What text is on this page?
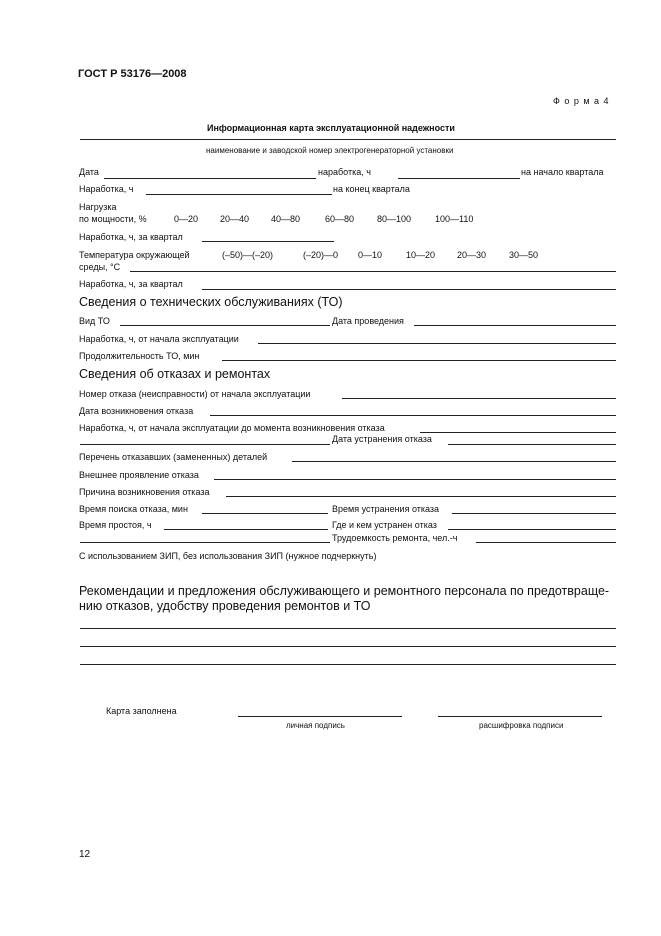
ГОСТ Р 53176—2008
Ф о р м а 4
Информационная карта эксплуатационной надежности
наименование и заводской номер электрогенераторной установки
Дата	наработка, ч	на начало квартала
Наработка, ч	на конец квартала
Нагрузка
по мощности, %	0—20 20—40 40—80	60—80	80—100	100—110
Наработка, ч, за квартал
Температура окружающей
среды, °С
(–50)—(–20)	(–20)—0 0—10	10—20 20—30	30—50
Наработка, ч, за квартал
Сведения о технических обслуживаниях (ТО)
Вид ТО	Дата проведения
Наработка, ч, от начала эксплуатации
Продолжительность ТО, мин
Сведения об отказах и ремонтах
Номер отказа (неисправности) от начала эксплуатации
Дата возникновения отказа
Наработка, ч, от начала эксплуатации до момента возникновения отказа
Дата устранения отказа
Перечень отказавших (замененных) деталей
Внешнее проявление отказа
Причина возникновения отказа
Время поиска отказа, мин	Время устранения отказа
Время простоя, ч	Где и кем устранен отказ
Трудоемкость ремонта, чел.-ч
С использованием ЗИП, без использования ЗИП (нужное подчеркнуть)
Рекомендации и предложения обслуживающего и ремонтного персонала по предотвраще-
нию отказов, удобству проведения ремонтов и ТО
Карта заполнена
личная подпись	расшифровка подписи
12
